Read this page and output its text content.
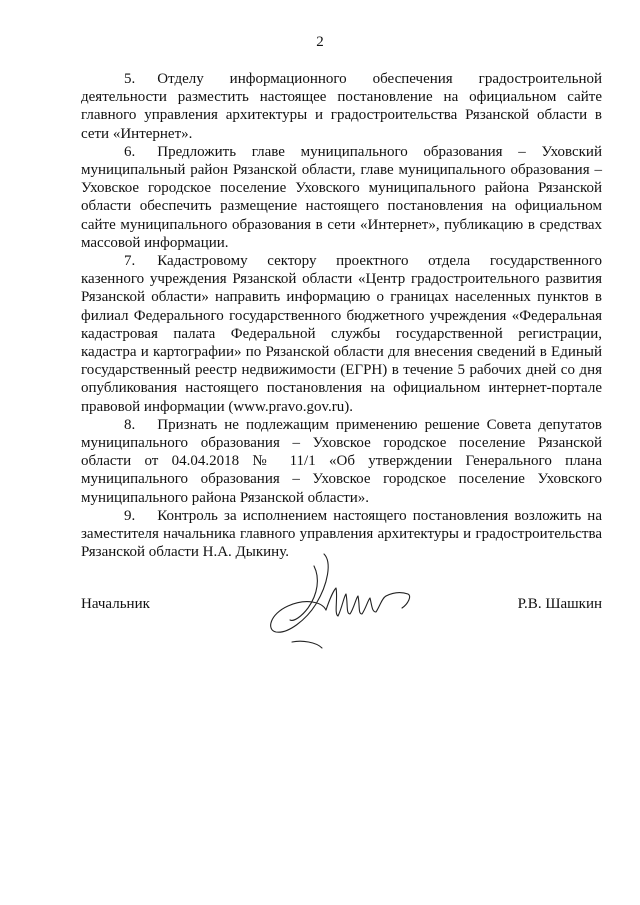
2

5. Отделу информационного обеспечения градостроительной деятельности разместить настоящее постановление на официальном сайте главного управления архитектуры и градостроительства Рязанской области в сети «Интернет».

6. Предложить главе муниципального образования – Уховский муниципальный район Рязанской области, главе муниципального образования – Уховское городское поселение Уховского муниципального района Рязанской области обеспечить размещение настоящего постановления на официальном сайте муниципального образования в сети «Интернет», публикацию в средствах массовой информации.

7. Кадастровому сектору проектного отдела государственного казенного учреждения Рязанской области «Центр градостроительного развития Рязанской области» направить информацию о границах населенных пунктов в филиал Федерального государственного бюджетного учреждения «Федеральная кадастровая палата Федеральной службы государственной регистрации, кадастра и картографии» по Рязанской области для внесения сведений в Единый государственный реестр недвижимости (ЕГРН) в течение 5 рабочих дней со дня опубликования настоящего постановления на официальном интернет-портале правовой информации (www.pravo.gov.ru).

8. Признать не подлежащим применению решение Совета депутатов муниципального образования – Уховское городское поселение Рязанской области от 04.04.2018 № 11/1 «Об утверждении Генерального плана муниципального образования – Уховское городское поселение Уховского муниципального района Рязанской области».

9. Контроль за исполнением настоящего постановления возложить на заместителя начальника главного управления архитектуры и градостроительства Рязанской области Н.А. Дыкину.

Начальник	Р.В. Шашкин
